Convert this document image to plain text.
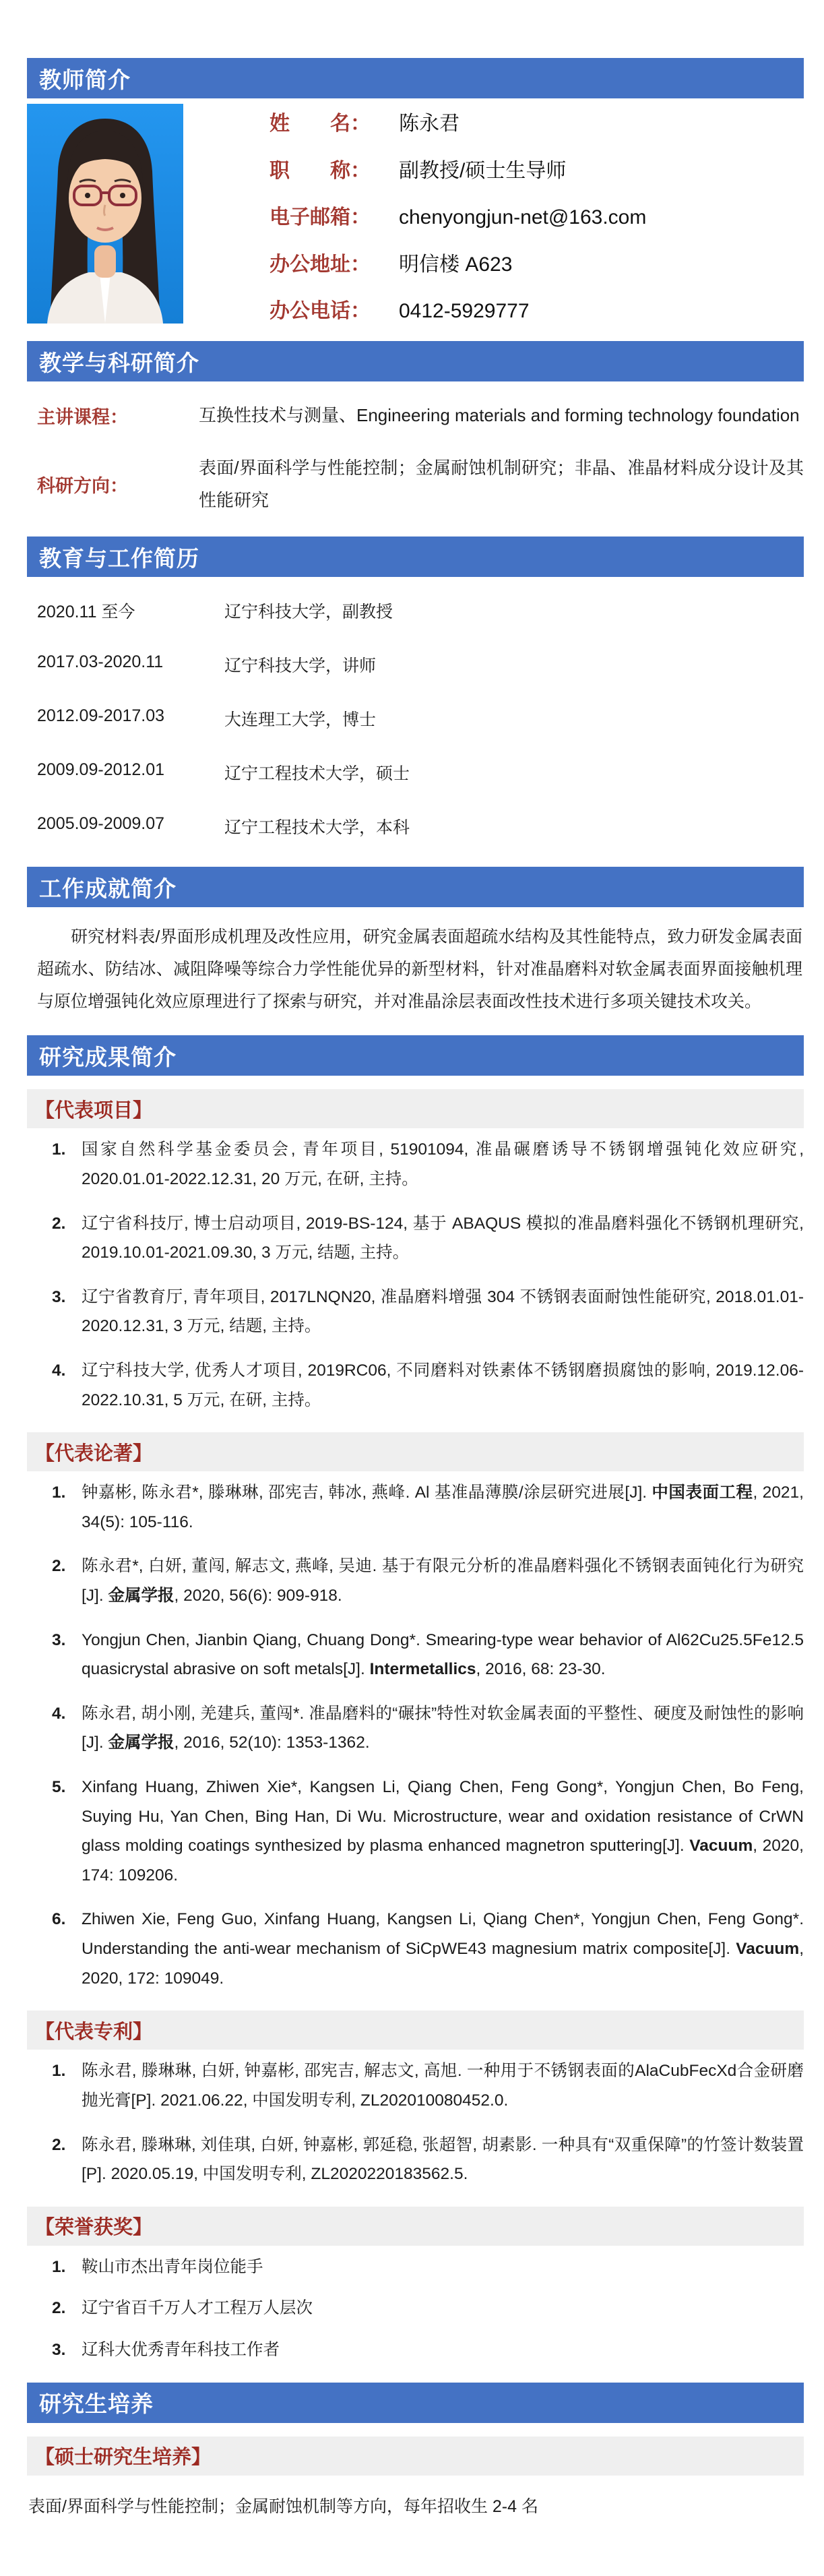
教师简介
姓　　名： 陈永君
职　　称： 副教授/硕士生导师
电子邮箱： chenyongjun-net@163.com
办公地址： 明信楼 A623
办公电话： 0412-5929777
教学与科研简介
主讲课程：	互换性技术与测量、Engineering materials and forming technology foundation
科研方向：
表面/界面科学与性能控制；金属耐蚀机制研究；非晶、准晶材料成分设计及其性能研究
教育与工作简历
2020.11 至今	辽宁科技大学，副教授
2017.03-2020.11	辽宁科技大学，讲师
2012.09-2017.03	大连理工大学，博士
2009.09-2012.01	辽宁工程技术大学，硕士
2005.09-2009.07	辽宁工程技术大学，本科
工作成就简介

研究材料表/界面形成机理及改性应用，研究金属表面超疏水结构及其性能特点，致力研发金属表面超疏水、防结冰、减阻降噪等综合力学性能优异的新型材料，针对准晶磨料对软金属表面界面接触机理与原位增强钝化效应原理进行了探索与研究，并对准晶涂层表面改性技术进行多项关键技术攻关。

研究成果简介
【代表项目】
国家自然科学基金委员会, 青年项目, 51901094, 准晶碾磨诱导不锈钢增强钝化效应研究, 2020.01.01-2022.12.31, 20 万元, 在研, 主持。
辽宁省科技厅, 博士启动项目, 2019-BS-124, 基于 ABAQUS 模拟的准晶磨料强化不锈钢机理研究, 2019.10.01-2021.09.30, 3 万元, 结题, 主持。
辽宁省教育厅, 青年项目, 2017LNQN20, 准晶磨料增强 304 不锈钢表面耐蚀性能研究, 2018.01.01-2020.12.31, 3 万元, 结题, 主持。
辽宁科技大学, 优秀人才项目, 2019RC06, 不同磨料对铁素体不锈钢磨损腐蚀的影响, 2019.12.06-2022.10.31, 5 万元, 在研, 主持。
【代表论著】
钟嘉彬, 陈永君*, 滕琳琳, 邵宪吉, 韩冰, 燕峰. Al 基准晶薄膜/涂层研究进展[J]. 中国表面工程, 2021, 34(5): 105-116.
陈永君*, 白妍, 董闯, 解志文, 燕峰, 吴迪. 基于有限元分析的准晶磨料强化不锈钢表面钝化行为研究[J]. 金属学报, 2020, 56(6): 909-918.
Yongjun Chen, Jianbin Qiang, Chuang Dong*. Smearing-type wear behavior of Al62Cu25.5Fe12.5 quasicrystal abrasive on soft metals[J]. Intermetallics, 2016, 68: 23-30.
陈永君, 胡小刚, 羌建兵, 董闯*. 准晶磨料的“碾抹”特性对软金属表面的平整性、硬度及耐蚀性的影响[J]. 金属学报, 2016, 52(10): 1353-1362.
Xinfang Huang, Zhiwen Xie*, Kangsen Li, Qiang Chen, Feng Gong*, Yongjun Chen, Bo Feng, Suying Hu, Yan Chen, Bing Han, Di Wu. Microstructure, wear and oxidation resistance of CrWN glass molding coatings synthesized by plasma enhanced magnetron sputtering[J]. Vacuum, 2020, 174: 109206.
Zhiwen Xie, Feng Guo, Xinfang Huang, Kangsen Li, Qiang Chen*, Yongjun Chen, Feng Gong*. Understanding the anti-wear mechanism of SiCpWE43 magnesium matrix composite[J]. Vacuum, 2020, 172: 109049.
【代表专利】
陈永君, 滕琳琳, 白妍, 钟嘉彬, 邵宪吉, 解志文, 高旭. 一种用于不锈钢表面的AlaCubFecXd合金研磨抛光膏[P]. 2021.06.22, 中国发明专利, ZL202010080452.0.
陈永君, 滕琳琳, 刘佳琪, 白妍, 钟嘉彬, 郭延稳, 张超智, 胡素影. 一种具有“双重保障”的竹签计数装置[P]. 2020.05.19, 中国发明专利, ZL2020220183562.5.
【荣誉获奖】
鞍山市杰出青年岗位能手
辽宁省百千万人才工程万人层次
辽科大优秀青年科技工作者
研究生培养
【硕士研究生培养】

表面/界面科学与性能控制；金属耐蚀机制等方向，每年招收生 2-4 名
